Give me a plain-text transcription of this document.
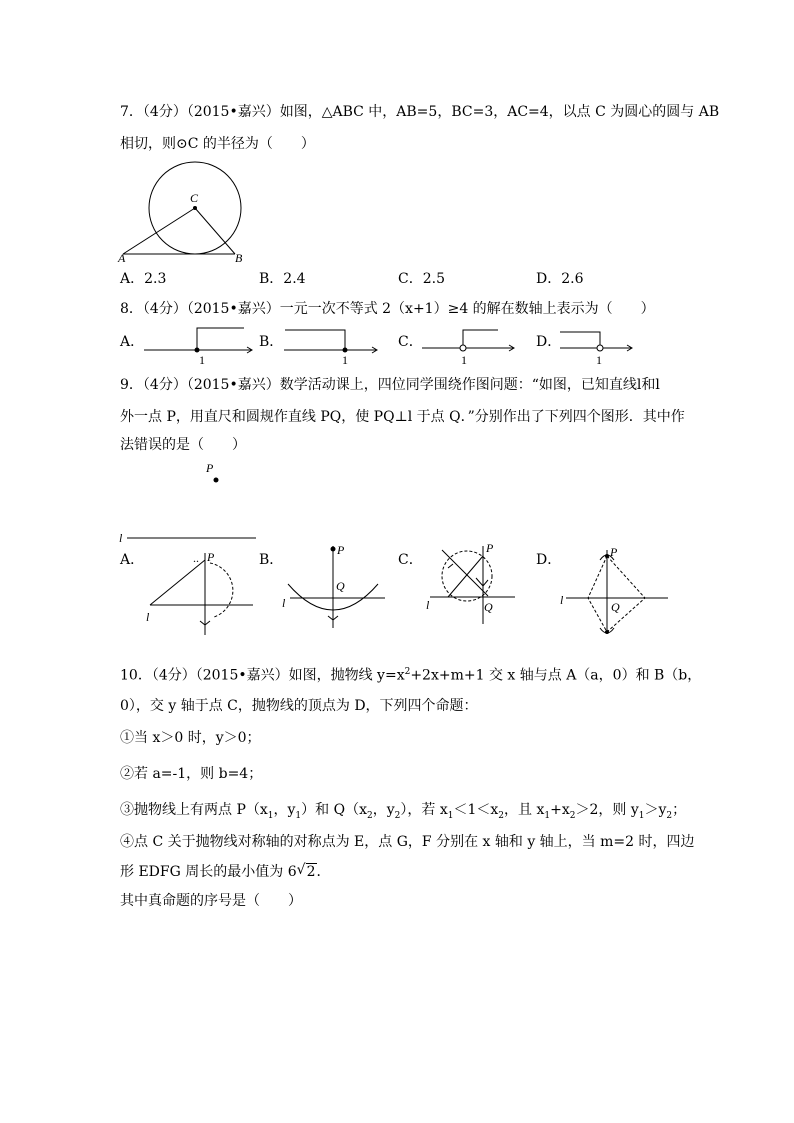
7．（4分）（2015•嘉兴）如图，△ABC 中，AB=5，BC=3，AC=4，以点 C 为圆心的圆与 AB
相切，则⊙C 的半径为（　　）
C
A	B
A．2.3	B．2.4	C．2.5	D．2.6
8．（4分）（2015•嘉兴）一元一次不等式 2（x+1）≥4 的解在数轴上表示为（　　）
A．
1
B．
1
C．
1
D．
1
9．（4分）（2015•嘉兴）数学活动课上，四位同学围绕作图问题：“如图，已知直线l和l
外一点 P，用直尺和圆规作直线 PQ，使 PQ⊥l 于点 Q．”分别作出了下列四个图形．其中作
法错误的是（　　）
P
l
A．	.. P
l
B．
P
Q
l
C．
P
Q
l
D．	P
Q
l
10．（4分）（2015•嘉兴）如图，抛物线 $y=x^2+2x+m+1$ 交 x 轴与点 A（a，0）和 B（b，
0），交 y 轴于点 C，抛物线的顶点为 D，下列四个命题：
①当 x＞0 时，y＞0；
②若 a=-1，则 b=4；
③抛物线上有两点 $P(x_1$，$y_1$）和 $Q(x_2$，$y_2$），若 $x_1<1<x_2$，且 $x_1+x_2>2$，则 $y_1>y_2$；
④点 C 关于抛物线对称轴的对称点为 E，点 G，F 分别在 x 轴和 y 轴上，当 m=2 时，四边
形 EDFG 周长的最小值为 6√ 2．
其中真命题的序号是（　　）
